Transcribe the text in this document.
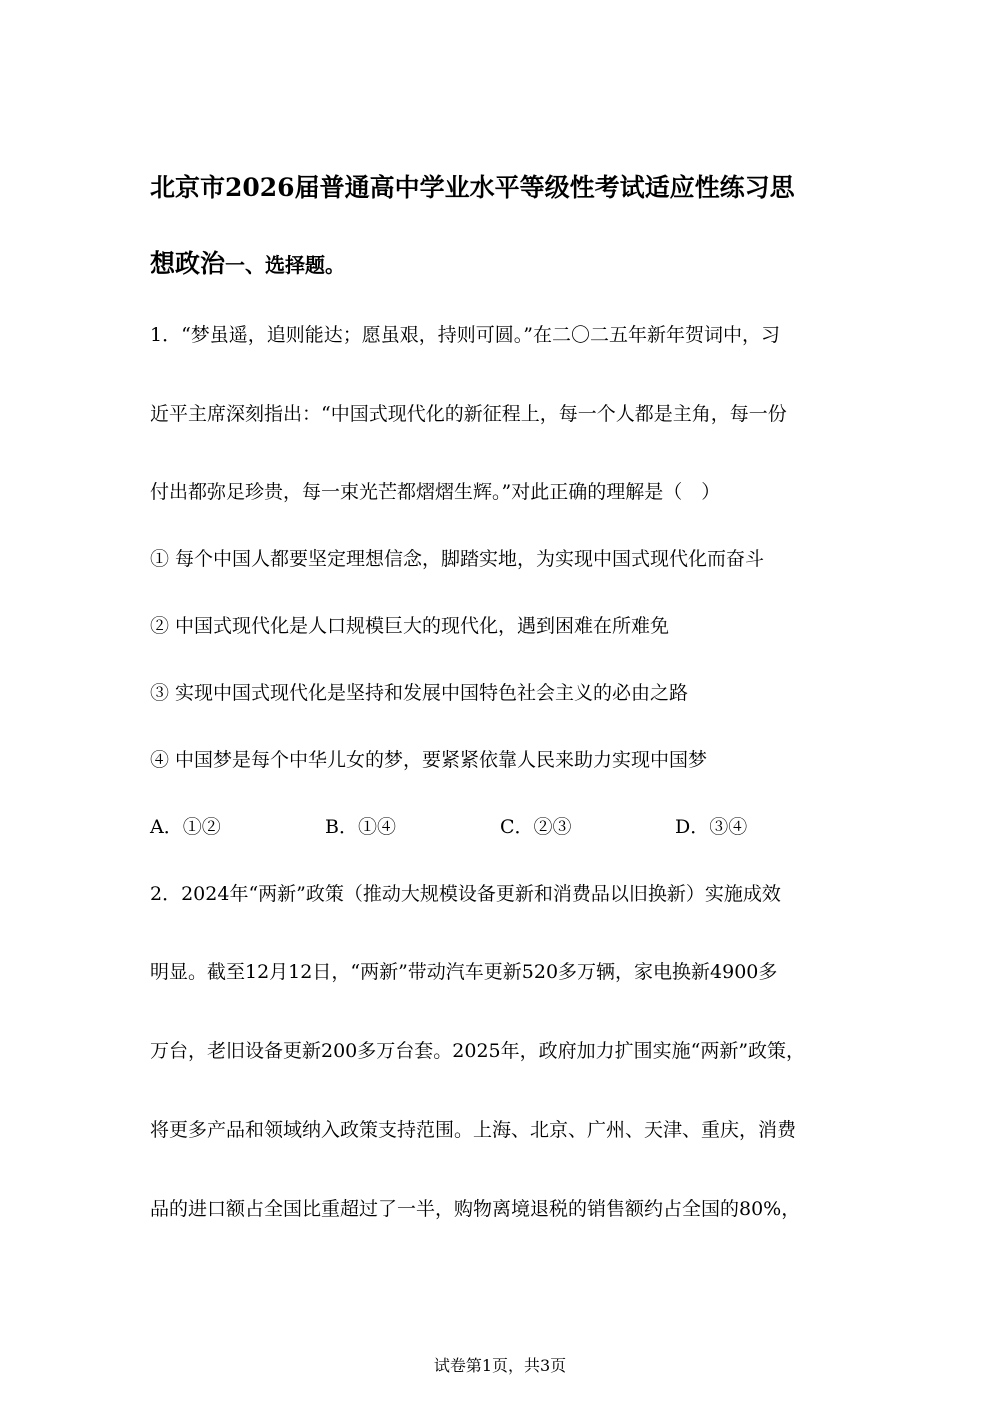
北京市2026届普通高中学业水平等级性考试适应性练习思
想政治一、选择题。
1．“梦虽遥，追则能达；愿虽艰，持则可圆。”在二〇二五年新年贺词中，习
近平主席深刻指出：“中国式现代化的新征程上，每一个人都是主角，每一份
付出都弥足珍贵，每一束光芒都熠熠生辉。”对此正确的理解是（　）
① 每个中国人都要坚定理想信念，脚踏实地，为实现中国式现代化而奋斗
② 中国式现代化是人口规模巨大的现代化，遇到困难在所难免
③ 实现中国式现代化是坚持和发展中国特色社会主义的必由之路
④ 中国梦是每个中华儿女的梦，要紧紧依靠人民来助力实现中国梦
A．①②	B．①④	C．②③	D．③④
2．2024年“两新”政策（推动大规模设备更新和消费品以旧换新）实施成效
明显。截至12月12日，“两新”带动汽车更新520多万辆，家电换新4900多
万台，老旧设备更新200多万台套。2025年，政府加力扩围实施“两新”政策，
将更多产品和领域纳入政策支持范围。上海、北京、广州、天津、重庆，消费
品的进口额占全国比重超过了一半，购物离境退税的销售额约占全国的80%，
试卷第1页，共3页
